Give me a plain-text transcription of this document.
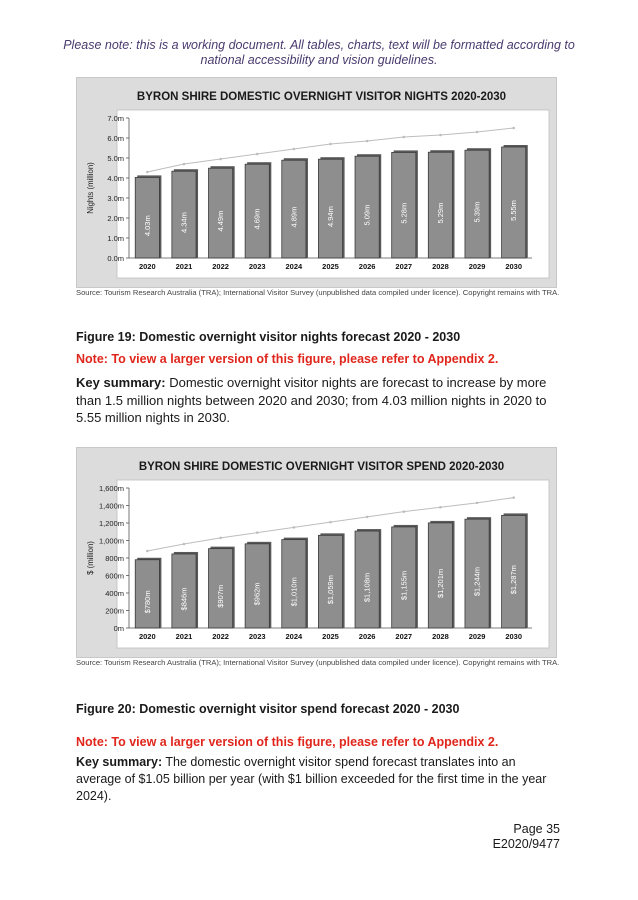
Please note: this is a working document. All tables, charts, text will be formatted according to national accessibility and vision guidelines.
BYRON SHIRE DOMESTIC OVERNIGHT VISITOR NIGHTS 2020-2030
0.0m
1.0m
2.0m
3.0m
4.0m
5.0m
6.0m
7.0m
Nights (million)
4.03m
2020
4.34m
2021
4.49m
2022
4.69m
2023
4.89m
2024
4.94m
2025
5.09m
2026
5.28m
2027
5.29m
2028
5.39m
2029
5.55m
2030
Source: Tourism Research Australia (TRA); International Visitor Survey (unpublished data compiled under licence). Copyright remains with TRA.
Figure 19: Domestic overnight visitor nights forecast 2020 - 2030
Note: To view a larger version of this figure, please refer to Appendix 2.
Key summary: Domestic overnight visitor nights are forecast to increase by more than 1.5 million nights between 2020 and 2030; from 4.03 million nights in 2020 to 5.55 million nights in 2030.
BYRON SHIRE DOMESTIC OVERNIGHT VISITOR SPEND 2020-2030
0m
200m
400m
600m
800m
1,000m
1,200m
1,400m
1,600m
$ (million)
$780m
2020
$846m
2021
$907m
2022
$962m
2023
$1,010m
2024
$1,059m
2025
$1,108m
2026
$1,155m
2027
$1,201m
2028
$1,244m
2029
$1,287m
2030
Source: Tourism Research Australia (TRA); International Visitor Survey (unpublished data compiled under licence). Copyright remains with TRA.
Figure 20: Domestic overnight visitor spend forecast 2020 - 2030
Note: To view a larger version of this figure, please refer to Appendix 2.
Key summary: The domestic overnight visitor spend forecast translates into an average of $1.05 billion per year (with $1 billion exceeded for the first time in the year 2024).
Page 35
E2020/9477
